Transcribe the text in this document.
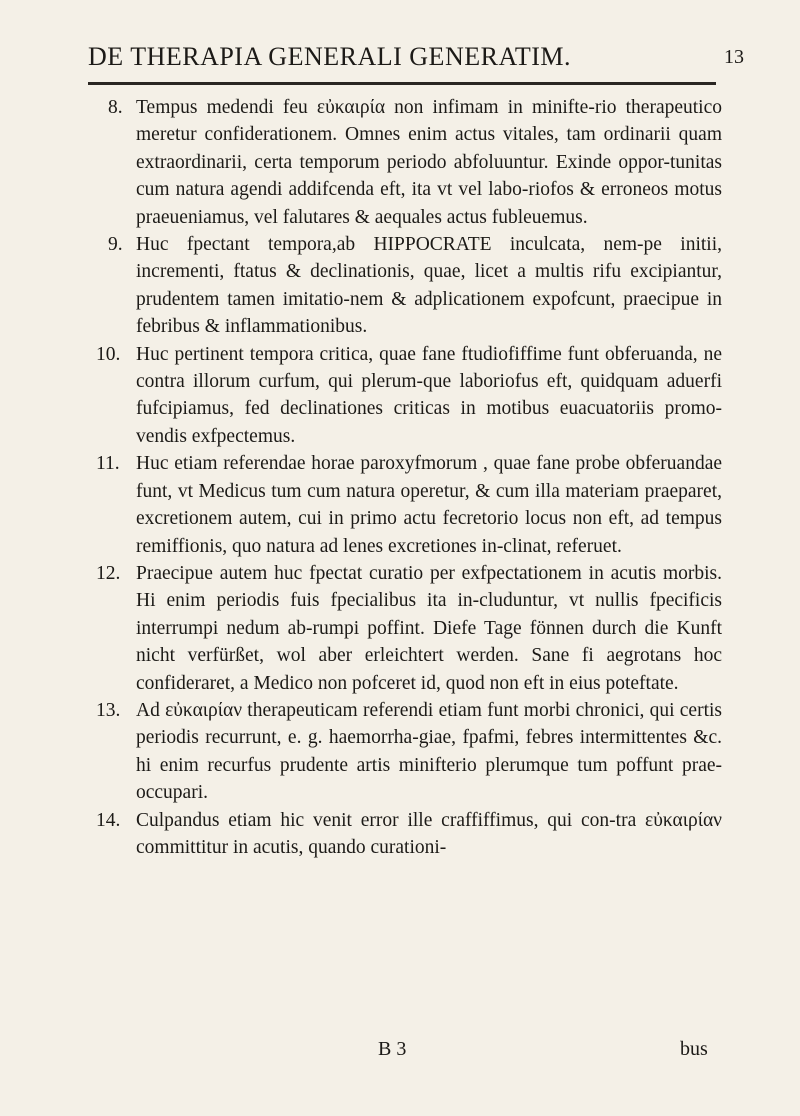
DE THERAPIA GENERALI GENERATIM.	13

8. Tempus medendi feu εὐκαιρία non infimam in minifte-rio therapeutico meretur confiderationem. Omnes enim actus vitales, tam ordinarii quam extraordinarii, certa temporum periodo abfoluuntur. Exinde oppor-tunitas cum natura agendi addifcenda eft, ita vt vel labo-riofos & erroneos motus praeueniamus, vel falutares & aequales actus fubleuemus.

9. Huc fpectant tempora,ab HIPPOCRATE inculcata, nem-pe initii, incrementi, ftatus & declinationis, quae, licet a multis rifu excipiantur, prudentem tamen imitatio-nem & adplicationem expofcunt, praecipue in febribus & inflammationibus.

10. Huc pertinent tempora critica, quae fane ftudiofiffime funt obferuanda, ne contra illorum curfum, qui plerum-que laboriofus eft, quidquam aduerfi fufcipiamus, fed declinationes criticas in motibus euacuatoriis promo-vendis exfpectemus.

11. Huc etiam referendae horae paroxyfmorum , quae fane probe obferuandae funt, vt Medicus tum cum natura operetur, & cum illa materiam praeparet, excretionem autem, cui in primo actu fecretorio locus non eft, ad tempus remiffionis, quo natura ad lenes excretiones in-clinat, referuet.

12. Praecipue autem huc fpectat curatio per exfpectationem in acutis morbis. Hi enim periodis fuis fpecialibus ita in-cluduntur, vt nullis fpecificis interrumpi nedum ab-rumpi poffint. Diefe Tage fönnen durch die Kunft nicht verfürßet, wol aber erleichtert werden. Sane fi aegrotans hoc confideraret, a Medico non pofceret id, quod non eft in eius poteftate.

13. Ad εὐκαιρίαν therapeuticam referendi etiam funt morbi chronici, qui certis periodis recurrunt, e. g. haemorrha-giae, fpafmi, febres intermittentes &c. hi enim recurfus prudente artis minifterio plerumque tum poffunt prae-occupari.

14. Culpandus etiam hic venit error ille craffiffimus, qui con-tra εὐκαιρίαν committitur in acutis, quando curationi-

B 3	bus
